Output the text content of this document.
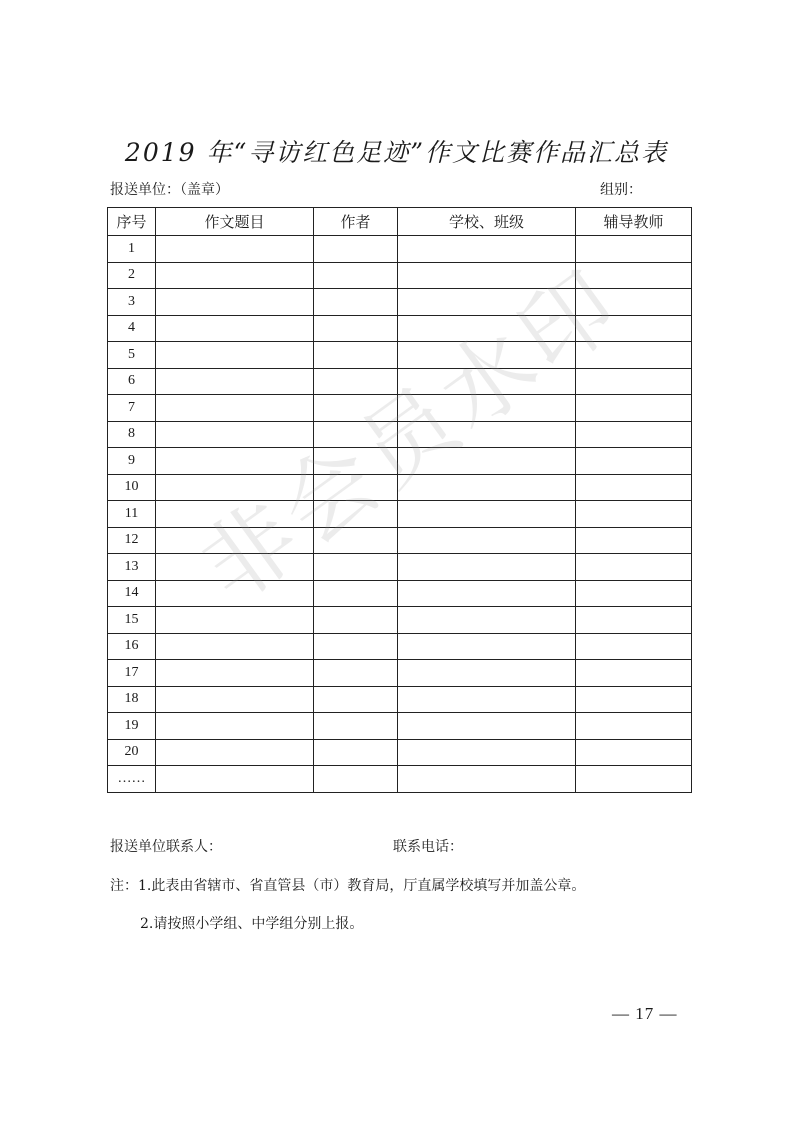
2019 年“寻访红色足迹”作文比赛作品汇总表
报送单位：（盖章）	组别：
序号	作文题目	作者	学校、班级	辅导教师
1				
2				
3				
4				
5				
6				
7				
8				
9				
10				
11				
12				
13				
14				
15				
16				
17				
18				
19				
20				
……				
报送单位联系人：	联系电话：
注：1.此表由省辖市、省直管县（市）教育局，厅直属学校填写并加盖公章。
2.请按照小学组、中学组分别上报。
非会员水印
— 17 —
